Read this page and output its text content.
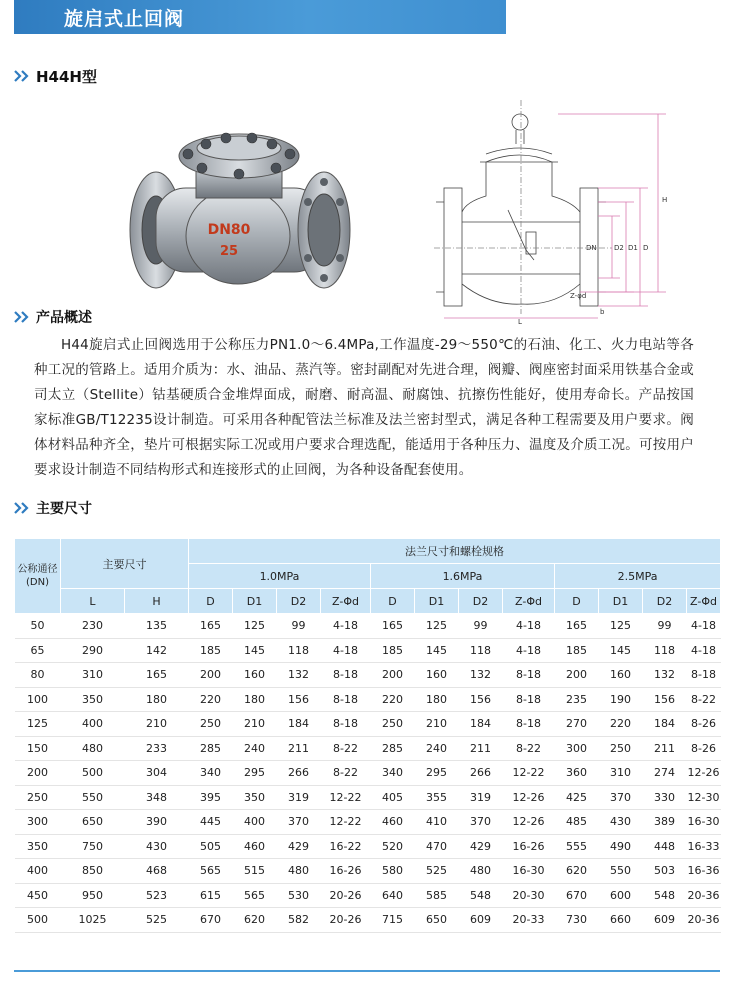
旋启式止回阀
H44H型
DN80
25
H
D
D1
D2
DN
L
Z-φd
b
产品概述

H44旋启式止回阀选用于公称压力PN1.0～6.4MPa,工作温度-29～550℃的石油、化工、火力电站等各种工况的管路上。适用介质为：水、油品、蒸汽等。密封副配对先进合理，阀瓣、阀座密封面采用铁基合金或司太立（Stellite）钴基硬质合金堆焊面成，耐磨、耐高温、耐腐蚀、抗擦伤性能好，使用寿命长。产品按国家标准GB/T12235设计制造。可采用各种配管法兰标准及法兰密封型式，满足各种工程需要及用户要求。阀体材料品种齐全，垫片可根据实际工况或用户要求合理选配，能适用于各种压力、温度及介质工况。可按用户要求设计制造不同结构形式和连接形式的止回阀，为各种设备配套使用。

主要尺寸
公称通径(DN)	主要尺寸		法兰尺寸和螺栓规格											
			1.0MPa				1.6MPa				2.5MPa			
	L	H	D	D1	D2	Z-Φd	D	D1	D2	Z-Φd	D	D1	D2	Z-Φd
50	230	135	165	125	99	4-18	165	125	99	4-18	165	125	99	4-18
65	290	142	185	145	118	4-18	185	145	118	4-18	185	145	118	4-18
80	310	165	200	160	132	8-18	200	160	132	8-18	200	160	132	8-18
100	350	180	220	180	156	8-18	220	180	156	8-18	235	190	156	8-22
125	400	210	250	210	184	8-18	250	210	184	8-18	270	220	184	8-26
150	480	233	285	240	211	8-22	285	240	211	8-22	300	250	211	8-26
200	500	304	340	295	266	8-22	340	295	266	12-22	360	310	274	12-26
250	550	348	395	350	319	12-22	405	355	319	12-26	425	370	330	12-30
300	650	390	445	400	370	12-22	460	410	370	12-26	485	430	389	16-30
350	750	430	505	460	429	16-22	520	470	429	16-26	555	490	448	16-33
400	850	468	565	515	480	16-26	580	525	480	16-30	620	550	503	16-36
450	950	523	615	565	530	20-26	640	585	548	20-30	670	600	548	20-36
500	1025	525	670	620	582	20-26	715	650	609	20-33	730	660	609	20-36
